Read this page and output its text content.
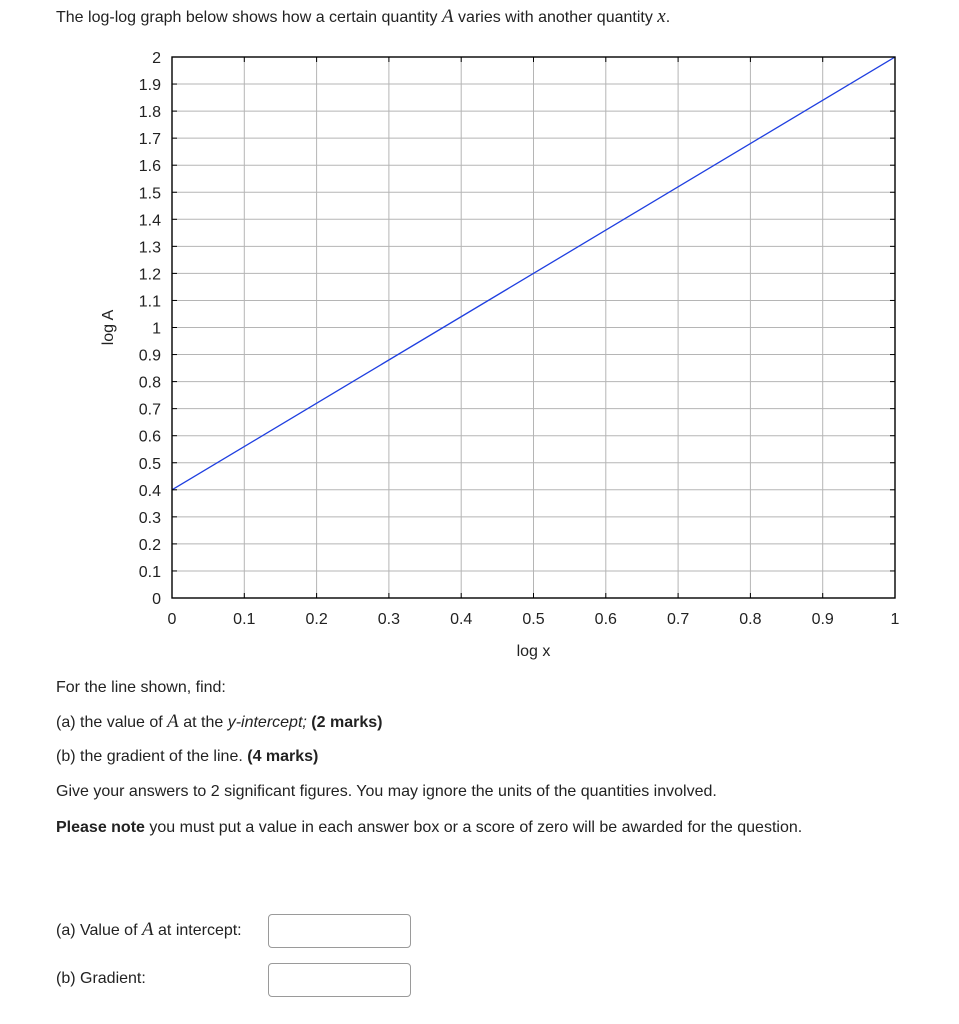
The log-log graph below shows how a certain quantity A varies with another quantity x.
0
0.1
0.2
0.3
0.4
0.5
0.6
0.7
0.8
0.9
1
1.1
1.2
1.3
1.4
1.5
1.6
1.7
1.8
1.9
2
0	0.1	0.2	0.3	0.4	0.5	0.6	0.7	0.8	0.9	1
log x
log A
For the line shown, find:
(a) the value of A at the y-intercept; (2 marks)
(b) the gradient of the line. (4 marks)
Give your answers to 2 significant figures. You may ignore the units of the quantities involved.
Please note you must put a value in each answer box or a score of zero will be awarded for the question.
(a) Value of A at intercept:
(b) Gradient:
